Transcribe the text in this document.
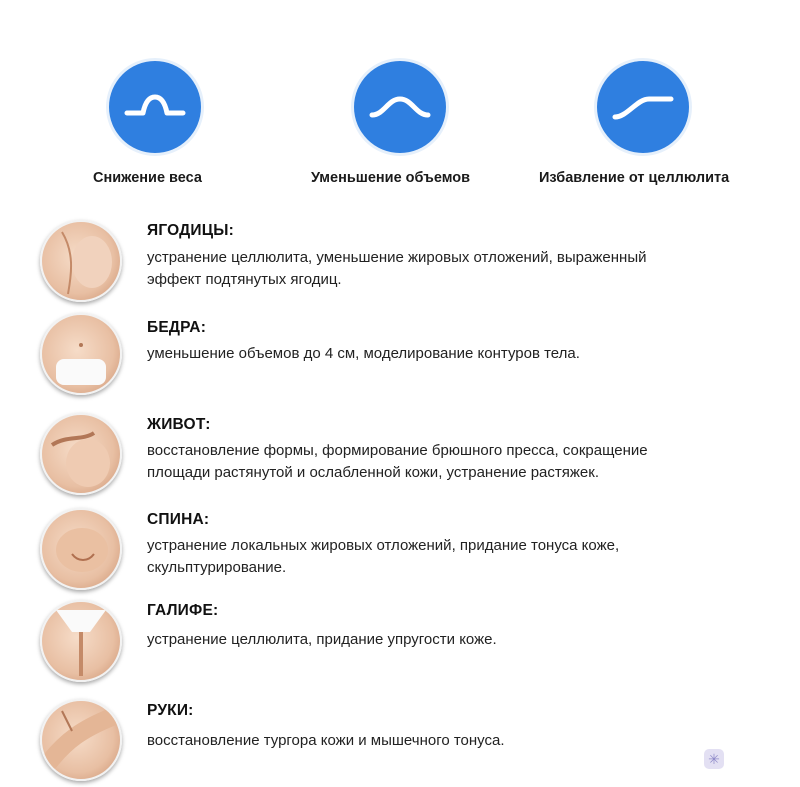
Снижение веса	Уменьшение объемов	Избавление от целлюлита
ЯГОДИЦЫ:
устранение целлюлита, уменьшение жировых отложений, выраженный
эффект подтянутых ягодиц.
БЕДРА:
уменьшение объемов до 4 см, моделирование контуров тела.
ЖИВОТ:
восстановление формы, формирование брюшного пресса, сокращение
площади растянутой и ослабленной кожи, устранение растяжек.
СПИНА:
устранение локальных жировых отложений, придание тонуса коже,
скульптурирование.
ГАЛИФЕ:
устранение целлюлита, придание упругости коже.
РУКИ:
восстановление тургора кожи и мышечного тонуса.
✳
